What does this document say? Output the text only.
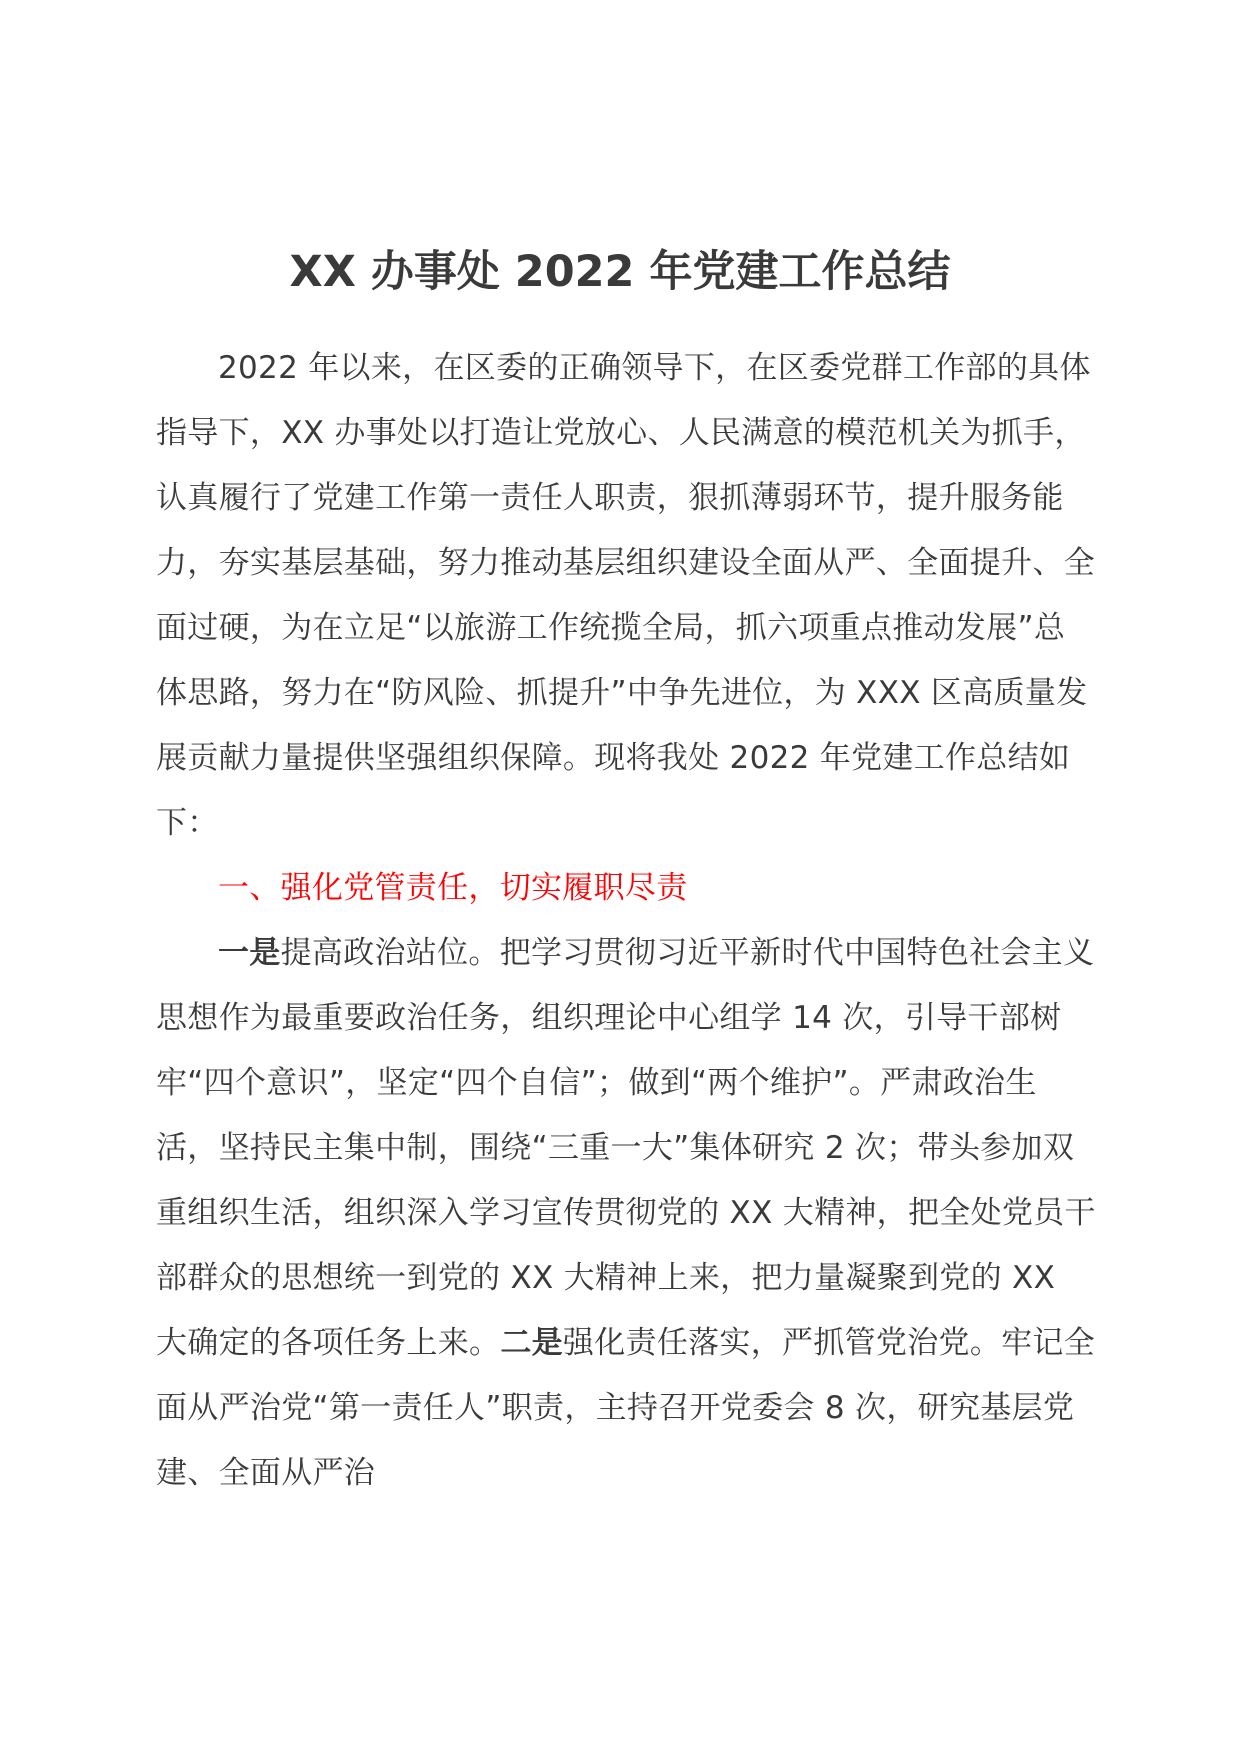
XX 办事处 2022 年党建工作总结

2022 年以来，在区委的正确领导下，在区委党群工作部的具体指导下，XX 办事处以打造让党放心、人民满意的模范机关为抓手，认真履行了党建工作第一责任人职责，狠抓薄弱环节，提升服务能力，夯实基层基础，努力推动基层组织建设全面从严、全面提升、全面过硬，为在立足“以旅游工作统揽全局，抓六项重点推动发展”总体思路，努力在“防风险、抓提升”中争先进位，为 XXX 区高质量发展贡献力量提供坚强组织保障。现将我处 2022 年党建工作总结如下：

一、强化党管责任，切实履职尽责

一是提高政治站位。把学习贯彻习近平新时代中国特色社会主义思想作为最重要政治任务，组织理论中心组学 14 次，引导干部树牢“四个意识”，坚定“四个自信”；做到“两个维护”。严肃政治生活，坚持民主集中制，围绕“三重一大”集体研究 2 次；带头参加双重组织生活，组织深入学习宣传贯彻党的 XX 大精神，把全处党员干部群众的思想统一到党的 XX 大精神上来，把力量凝聚到党的 XX 大确定的各项任务上来。二是强化责任落实，严抓管党治党。牢记全面从严治党“第一责任人”职责，主持召开党委会 8 次，研究基层党建、全面从严治
